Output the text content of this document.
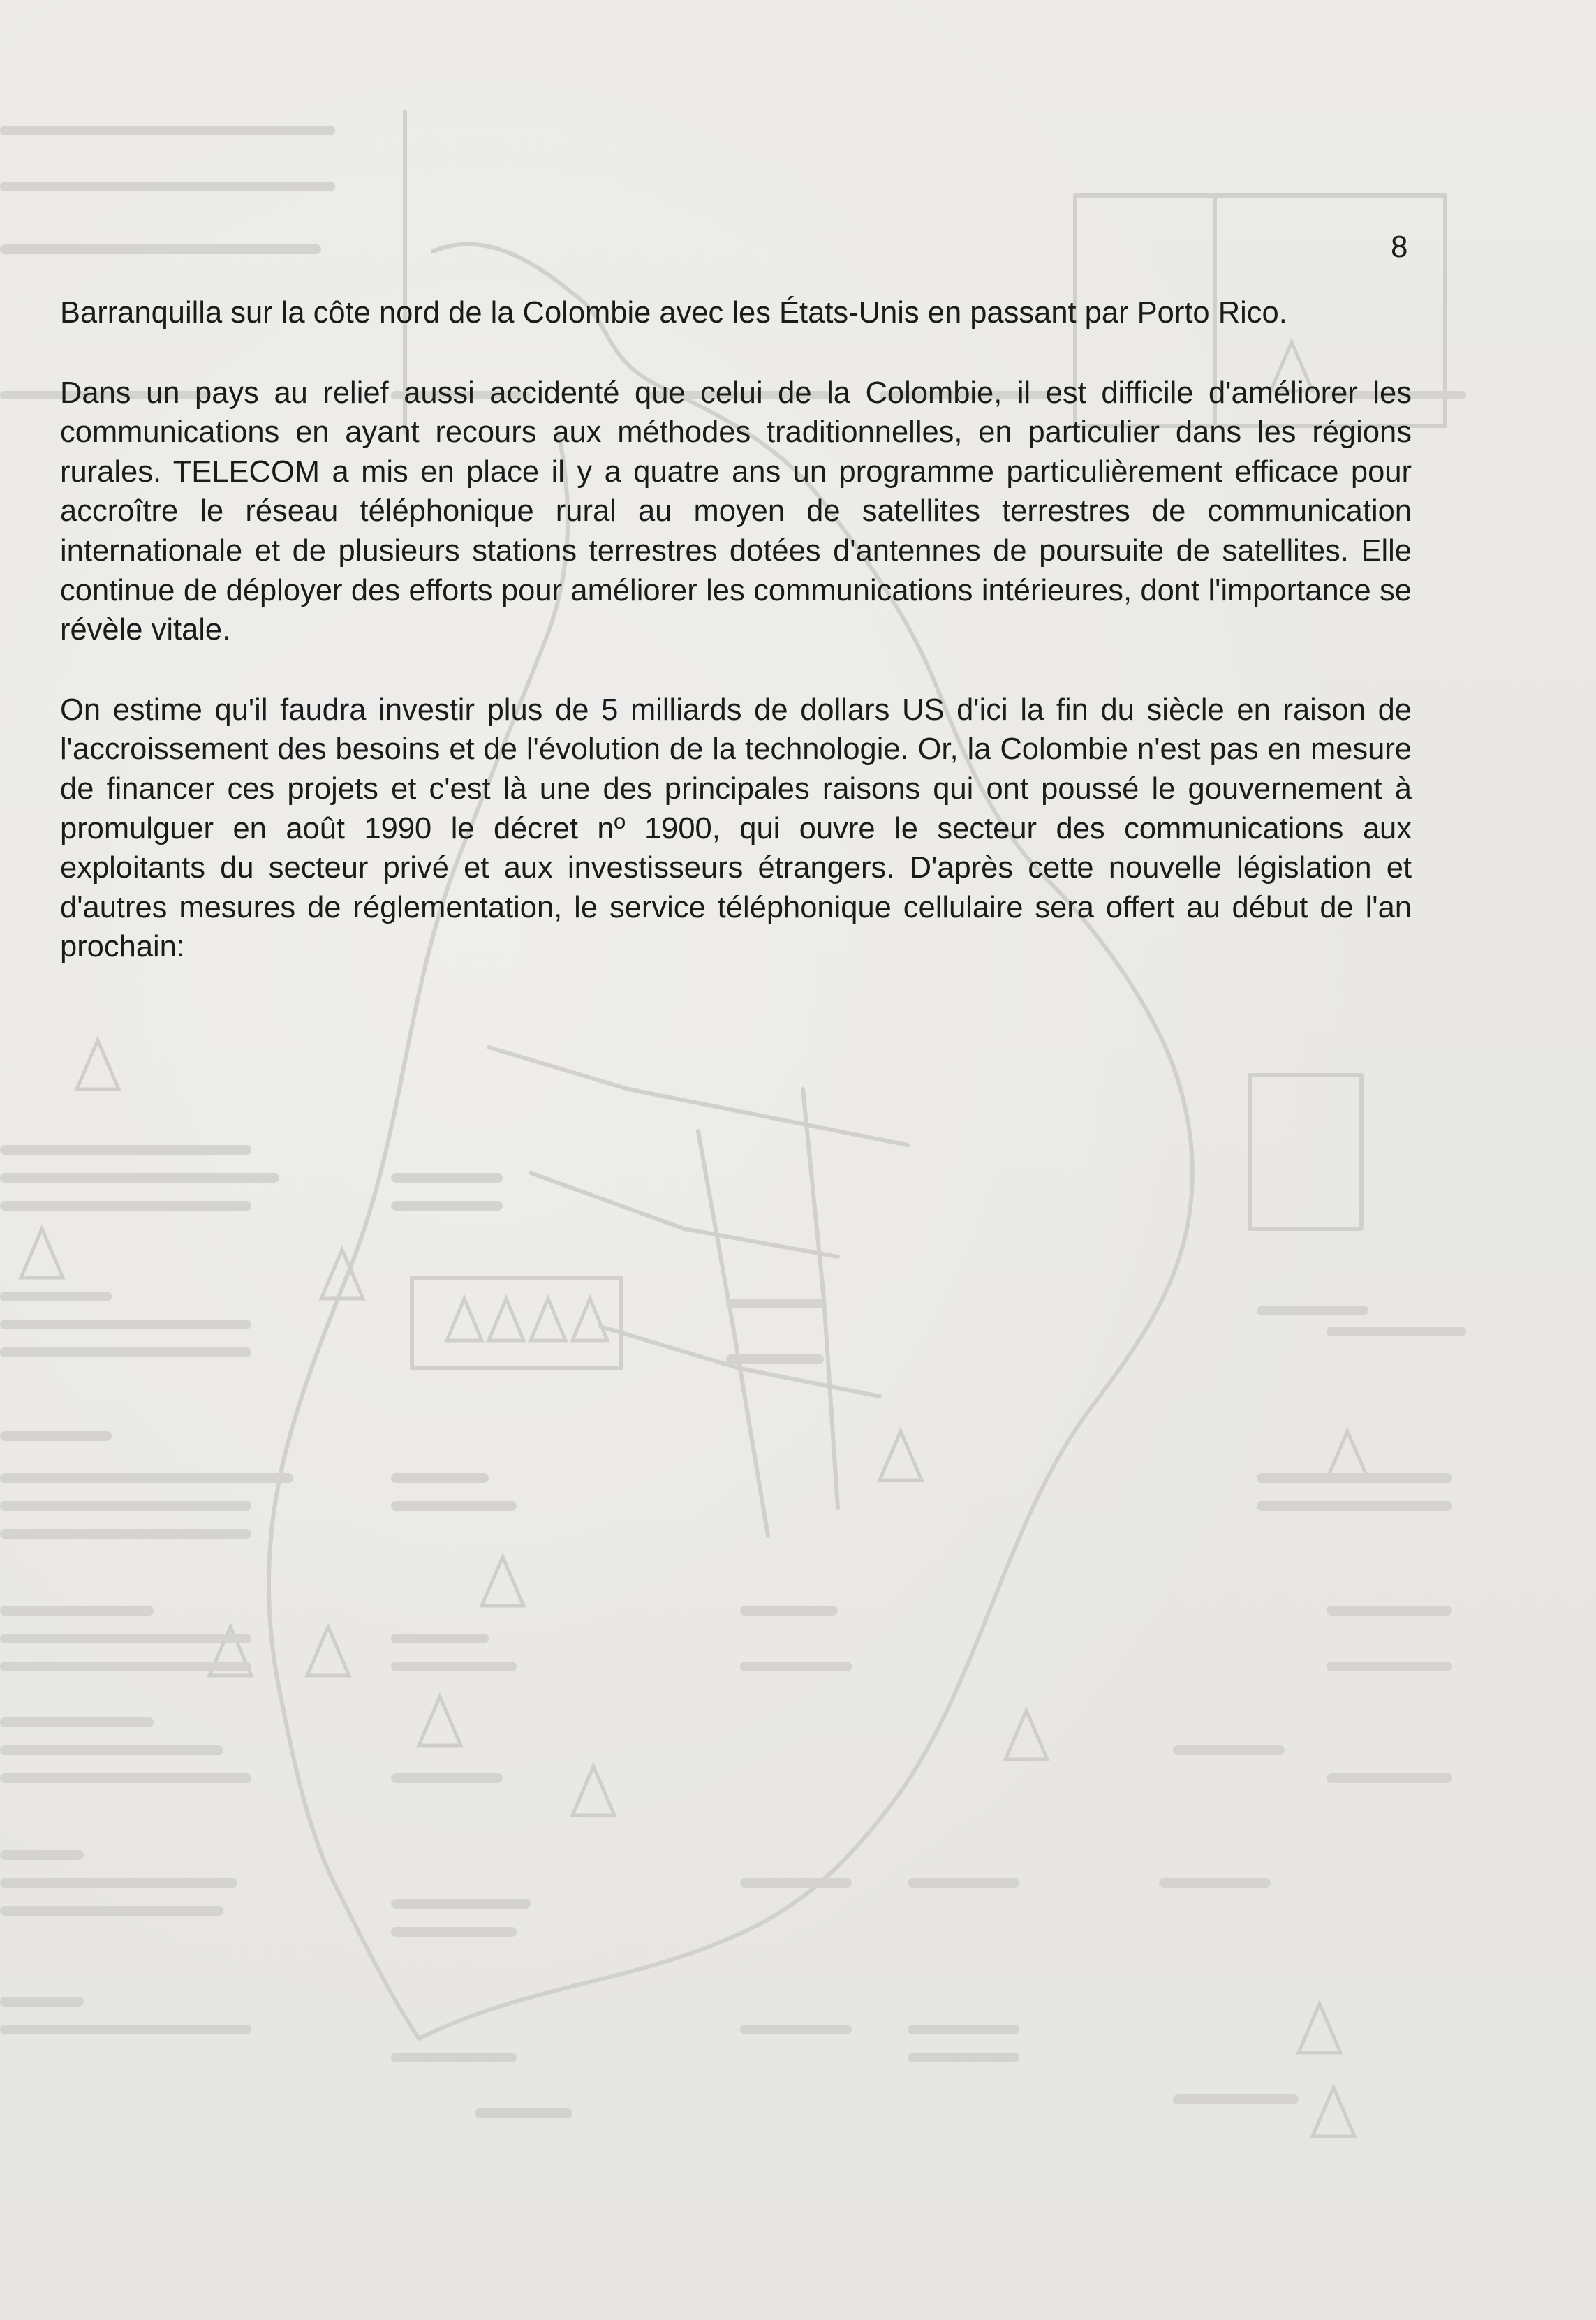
8

Barranquilla sur la côte nord de la Colombie avec les États-Unis en passant par Porto Rico.

Dans un pays au relief aussi accidenté que celui de la Colombie, il est difficile d'améliorer les communications en ayant recours aux méthodes traditionnelles, en particulier dans les régions rurales. TELECOM a mis en place il y a quatre ans un programme particulièrement efficace pour accroître le réseau téléphonique rural au moyen de satellites terrestres de communication internationale et de plusieurs stations terrestres dotées d'antennes de poursuite de satellites. Elle continue de déployer des efforts pour améliorer les communications intérieures, dont l'importance se révèle vitale.

On estime qu'il faudra investir plus de 5 milliards de dollars US d'ici la fin du siècle en raison de l'accroissement des besoins et de l'évolution de la technologie. Or, la Colombie n'est pas en mesure de financer ces projets et c'est là une des principales raisons qui ont poussé le gouvernement à promulguer en août 1990 le décret nº 1900, qui ouvre le secteur des communications aux exploitants du secteur privé et aux investisseurs étrangers. D'après cette nouvelle législation et d'autres mesures de réglementation, le service téléphonique cellulaire sera offert au début de l'an prochain:
